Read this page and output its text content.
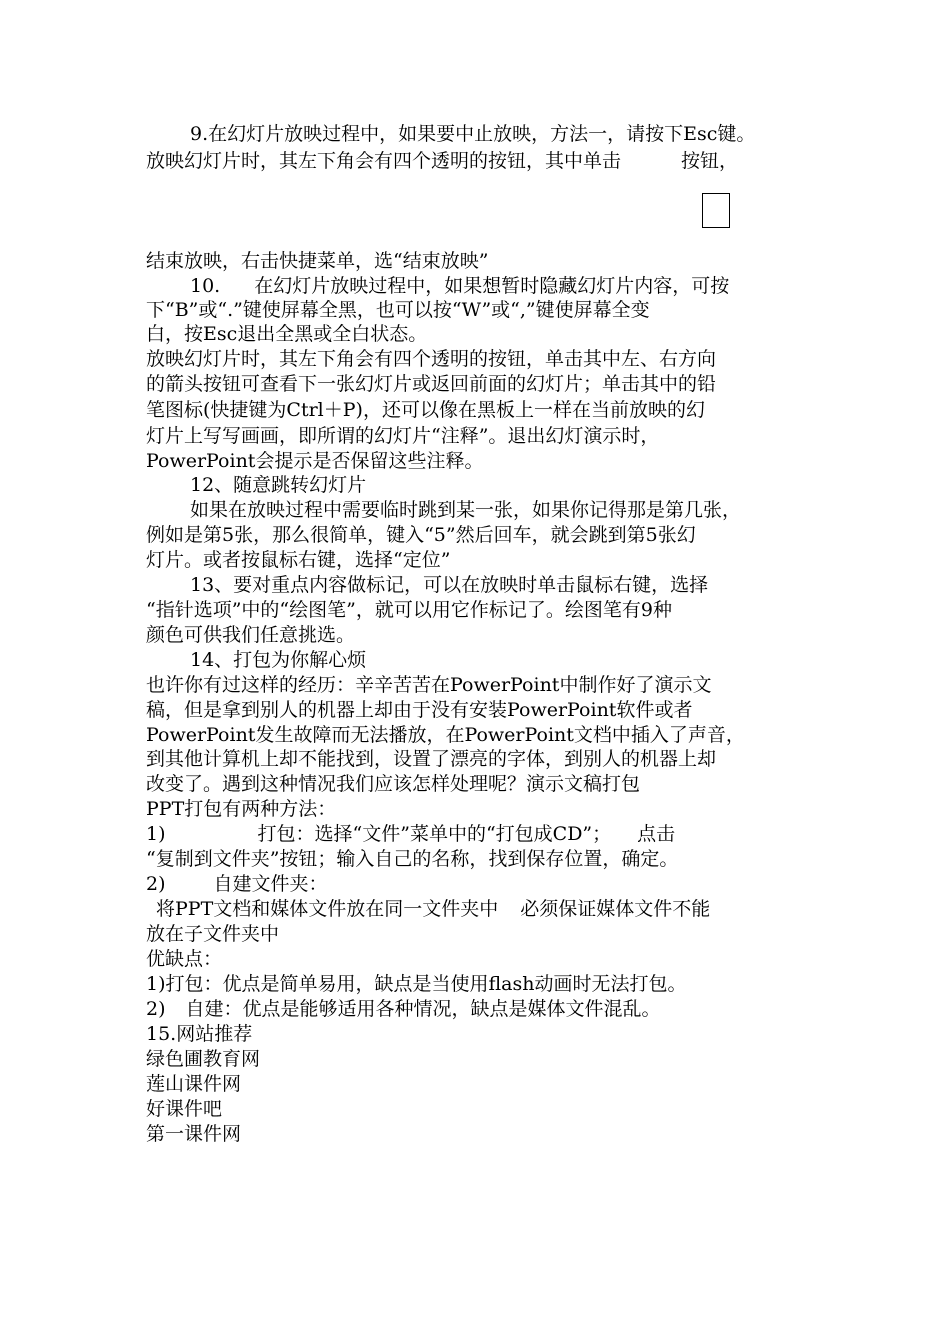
9.在幻灯片放映过程中，如果要中止放映，方法一，请按下Esc键。
放映幻灯片时，其左下角会有四个透明的按钮，其中单击	按钮，
结束放映，右击快捷菜单，选“结束放映”
10. 在幻灯片放映过程中，如果想暂时隐藏幻灯片内容，可按
下“B”或“.”键使屏幕全黑，也可以按“W”或“,”键使屏幕全变
白，按Esc退出全黑或全白状态。
放映幻灯片时，其左下角会有四个透明的按钮，单击其中左、右方向
的箭头按钮可查看下一张幻灯片或返回前面的幻灯片；单击其中的铅
笔图标(快捷键为Ctrl＋P)，还可以像在黑板上一样在当前放映的幻
灯片上写写画画，即所谓的幻灯片“注释”。退出幻灯演示时，
PowerPoint会提示是否保留这些注释。
12、随意跳转幻灯片
如果在放映过程中需要临时跳到某一张，如果你记得那是第几张，
例如是第5张，那么很简单，键入“5”然后回车，就会跳到第5张幻
灯片。或者按鼠标右键，选择“定位”
13、要对重点内容做标记，可以在放映时单击鼠标右键，选择
“指针选项”中的“绘图笔”，就可以用它作标记了。绘图笔有9种
颜色可供我们任意挑选。
14、打包为你解心烦
也许你有过这样的经历：辛辛苦苦在PowerPoint中制作好了演示文
稿，但是拿到别人的机器上却由于没有安装PowerPoint软件或者
PowerPoint发生故障而无法播放，在PowerPoint文档中插入了声音，
到其他计算机上却不能找到，设置了漂亮的字体，到别人的机器上却
改变了。遇到这种情况我们应该怎样处理呢？演示文稿打包
PPT打包有两种方法：
1)	打包：选择“文件”菜单中的“打包成CD”； 点击
“复制到文件夹”按钮；输入自己的名称，找到保存位置，确定。
2)	自建文件夹：
将PPT文档和媒体文件放在同一文件夹中 必须保证媒体文件不能
放在子文件夹中
优缺点：
1)打包：优点是简单易用，缺点是当使用flash动画时无法打包。
2) 自建：优点是能够适用各种情况，缺点是媒体文件混乱。
15.网站推荐
绿色圃教育网
莲山课件网
好课件吧
第一课件网
